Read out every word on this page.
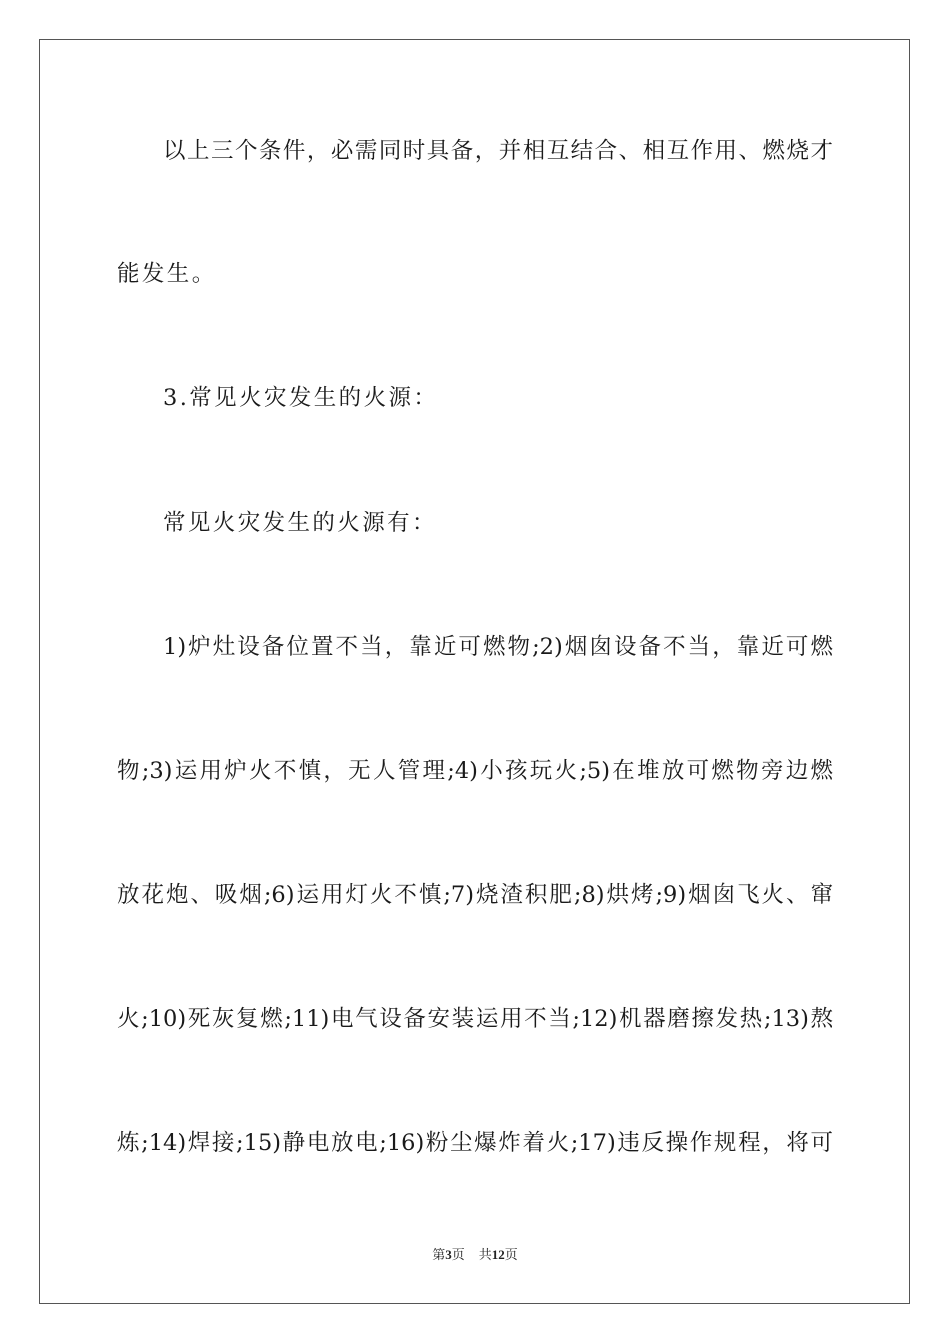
以上三个条件，必需同时具备，并相互结合、相互作用、燃烧才
能发生。
3.常见火灾发生的火源：
常见火灾发生的火源有：
1)炉灶设备位置不当，靠近可燃物;2)烟囱设备不当，靠近可燃
物;3)运用炉火不慎，无人管理;4)小孩玩火;5)在堆放可燃物旁边燃
放花炮、吸烟;6)运用灯火不慎;7)烧渣积肥;8)烘烤;9)烟囱飞火、窜
火;10)死灰复燃;11)电气设备安装运用不当;12)机器磨擦发热;13)熬
炼;14)焊接;15)静电放电;16)粉尘爆炸着火;17)违反操作规程，将可
第3页 共12页
